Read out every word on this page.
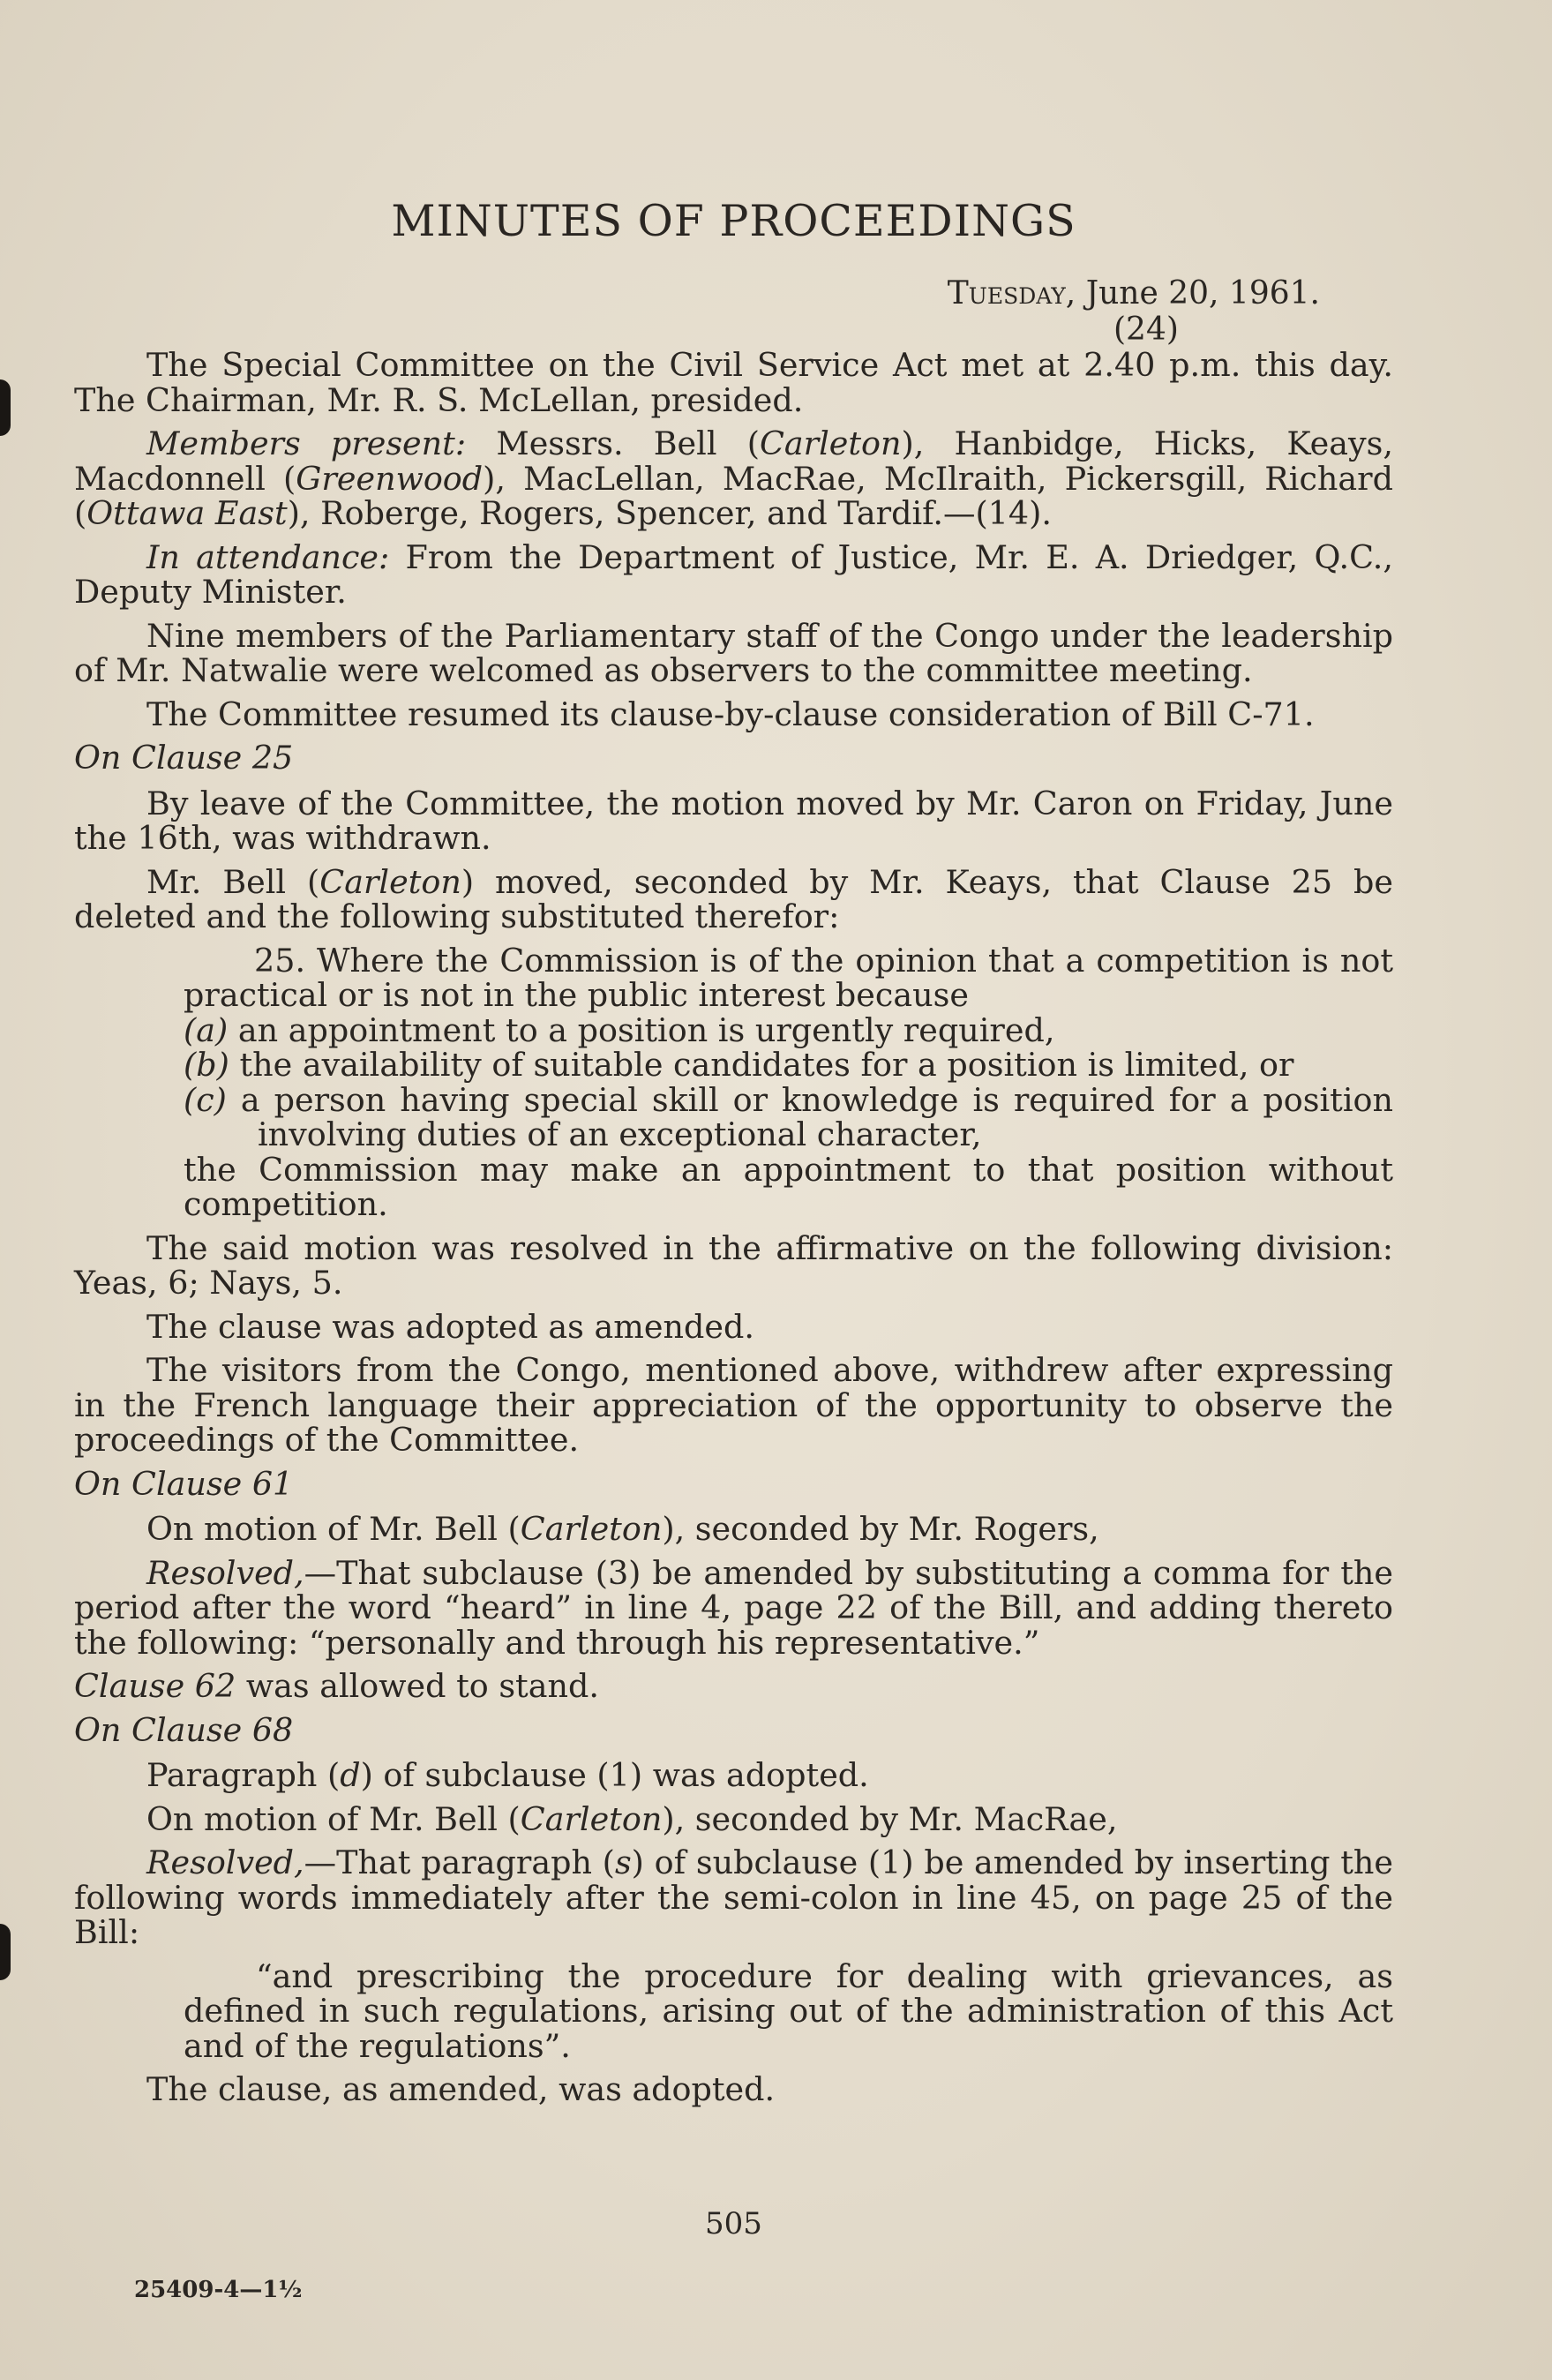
MINUTES OF PROCEEDINGS
Tuesday, June 20, 1961.
(24)

The Special Committee on the Civil Service Act met at 2.40 p.m. this day. The Chairman, Mr. R. S. McLellan, presided.

Members present: Messrs. Bell (Carleton), Hanbidge, Hicks, Keays, Macdonnell (Greenwood), MacLellan, MacRae, McIlraith, Pickersgill, Richard (Ottawa East), Roberge, Rogers, Spencer, and Tardif.—(14).

In attendance: From the Department of Justice, Mr. E. A. Driedger, Q.C., Deputy Minister.

Nine members of the Parliamentary staff of the Congo under the leadership of Mr. Natwalie were welcomed as observers to the committee meeting.

The Committee resumed its clause-by-clause consideration of Bill C-71.

On Clause 25

By leave of the Committee, the motion moved by Mr. Caron on Friday, June the 16th, was withdrawn.

Mr. Bell (Carleton) moved, seconded by Mr. Keays, that Clause 25 be deleted and the following substituted therefor:

25. Where the Commission is of the opinion that a competition is not practical or is not in the public interest because

(a) an appointment to a position is urgently required,

(b) the availability of suitable candidates for a position is limited, or

(c) a person having special skill or knowledge is required for a position involving duties of an exceptional character,

the Commission may make an appointment to that position without competition.

The said motion was resolved in the affirmative on the following division: Yeas, 6; Nays, 5.

The clause was adopted as amended.

The visitors from the Congo, mentioned above, withdrew after expressing in the French language their appreciation of the opportunity to observe the proceedings of the Committee.

On Clause 61

On motion of Mr. Bell (Carleton), seconded by Mr. Rogers,

Resolved,—That subclause (3) be amended by substituting a comma for the period after the word “heard” in line 4, page 22 of the Bill, and adding thereto the following: “personally and through his representative.”

Clause 62 was allowed to stand.

On Clause 68

Paragraph (d) of subclause (1) was adopted.

On motion of Mr. Bell (Carleton), seconded by Mr. MacRae,

Resolved,—That paragraph (s) of subclause (1) be amended by inserting the following words immediately after the semi-colon in line 45, on page 25 of the Bill:

“and prescribing the procedure for dealing with grievances, as defined in such regulations, arising out of the administration of this Act and of the regulations”.

The clause, as amended, was adopted.

505
25409-4—1½
